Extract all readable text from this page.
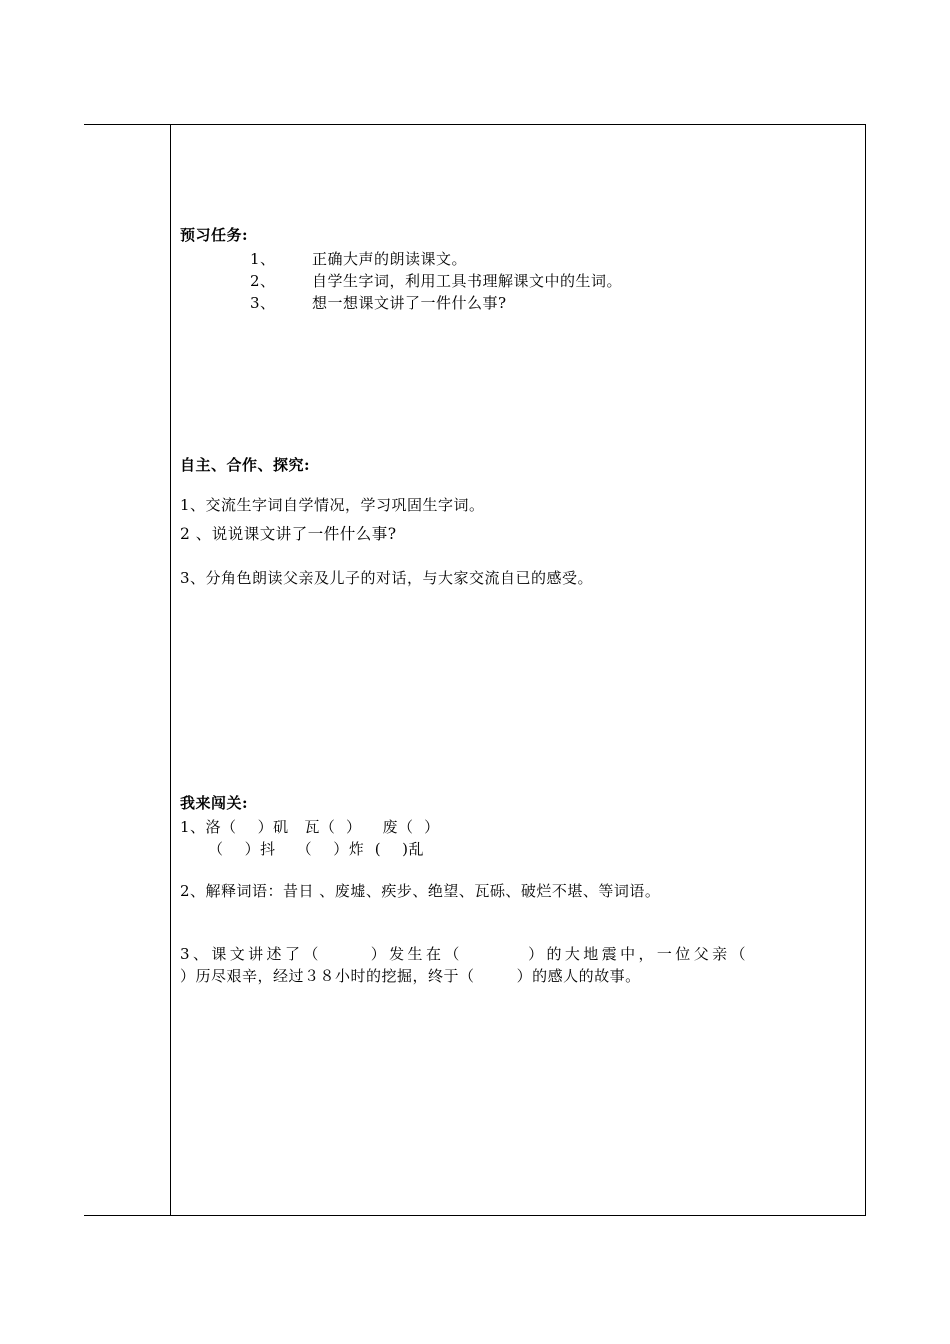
预习任务:
1、 正确大声的朗读课文。
2、 自学生字词，利用工具书理解课文中的生词。
3、 想一想课文讲了一件什么事?
自主、合作、探究:
1、交流生字词自学情况，学习巩固生字词。
2 、说说课文讲了一件什么事?
3、分角色朗读父亲及儿子的对话，与大家交流自已的感受。
我来闯关:
1、洛（    ）矶   瓦（  ）    废（  ）
（    ）抖    （    ）炸  (    )乱
2、解释词语：昔日 、废墟、疾步、绝望、瓦砾、破烂不堪、等词语。
3、课文讲述了（      ）发生在（        ）的大地震中，一位父亲（
）历尽艰辛，经过３８小时的挖掘，终于（        ）的感人的故事。
